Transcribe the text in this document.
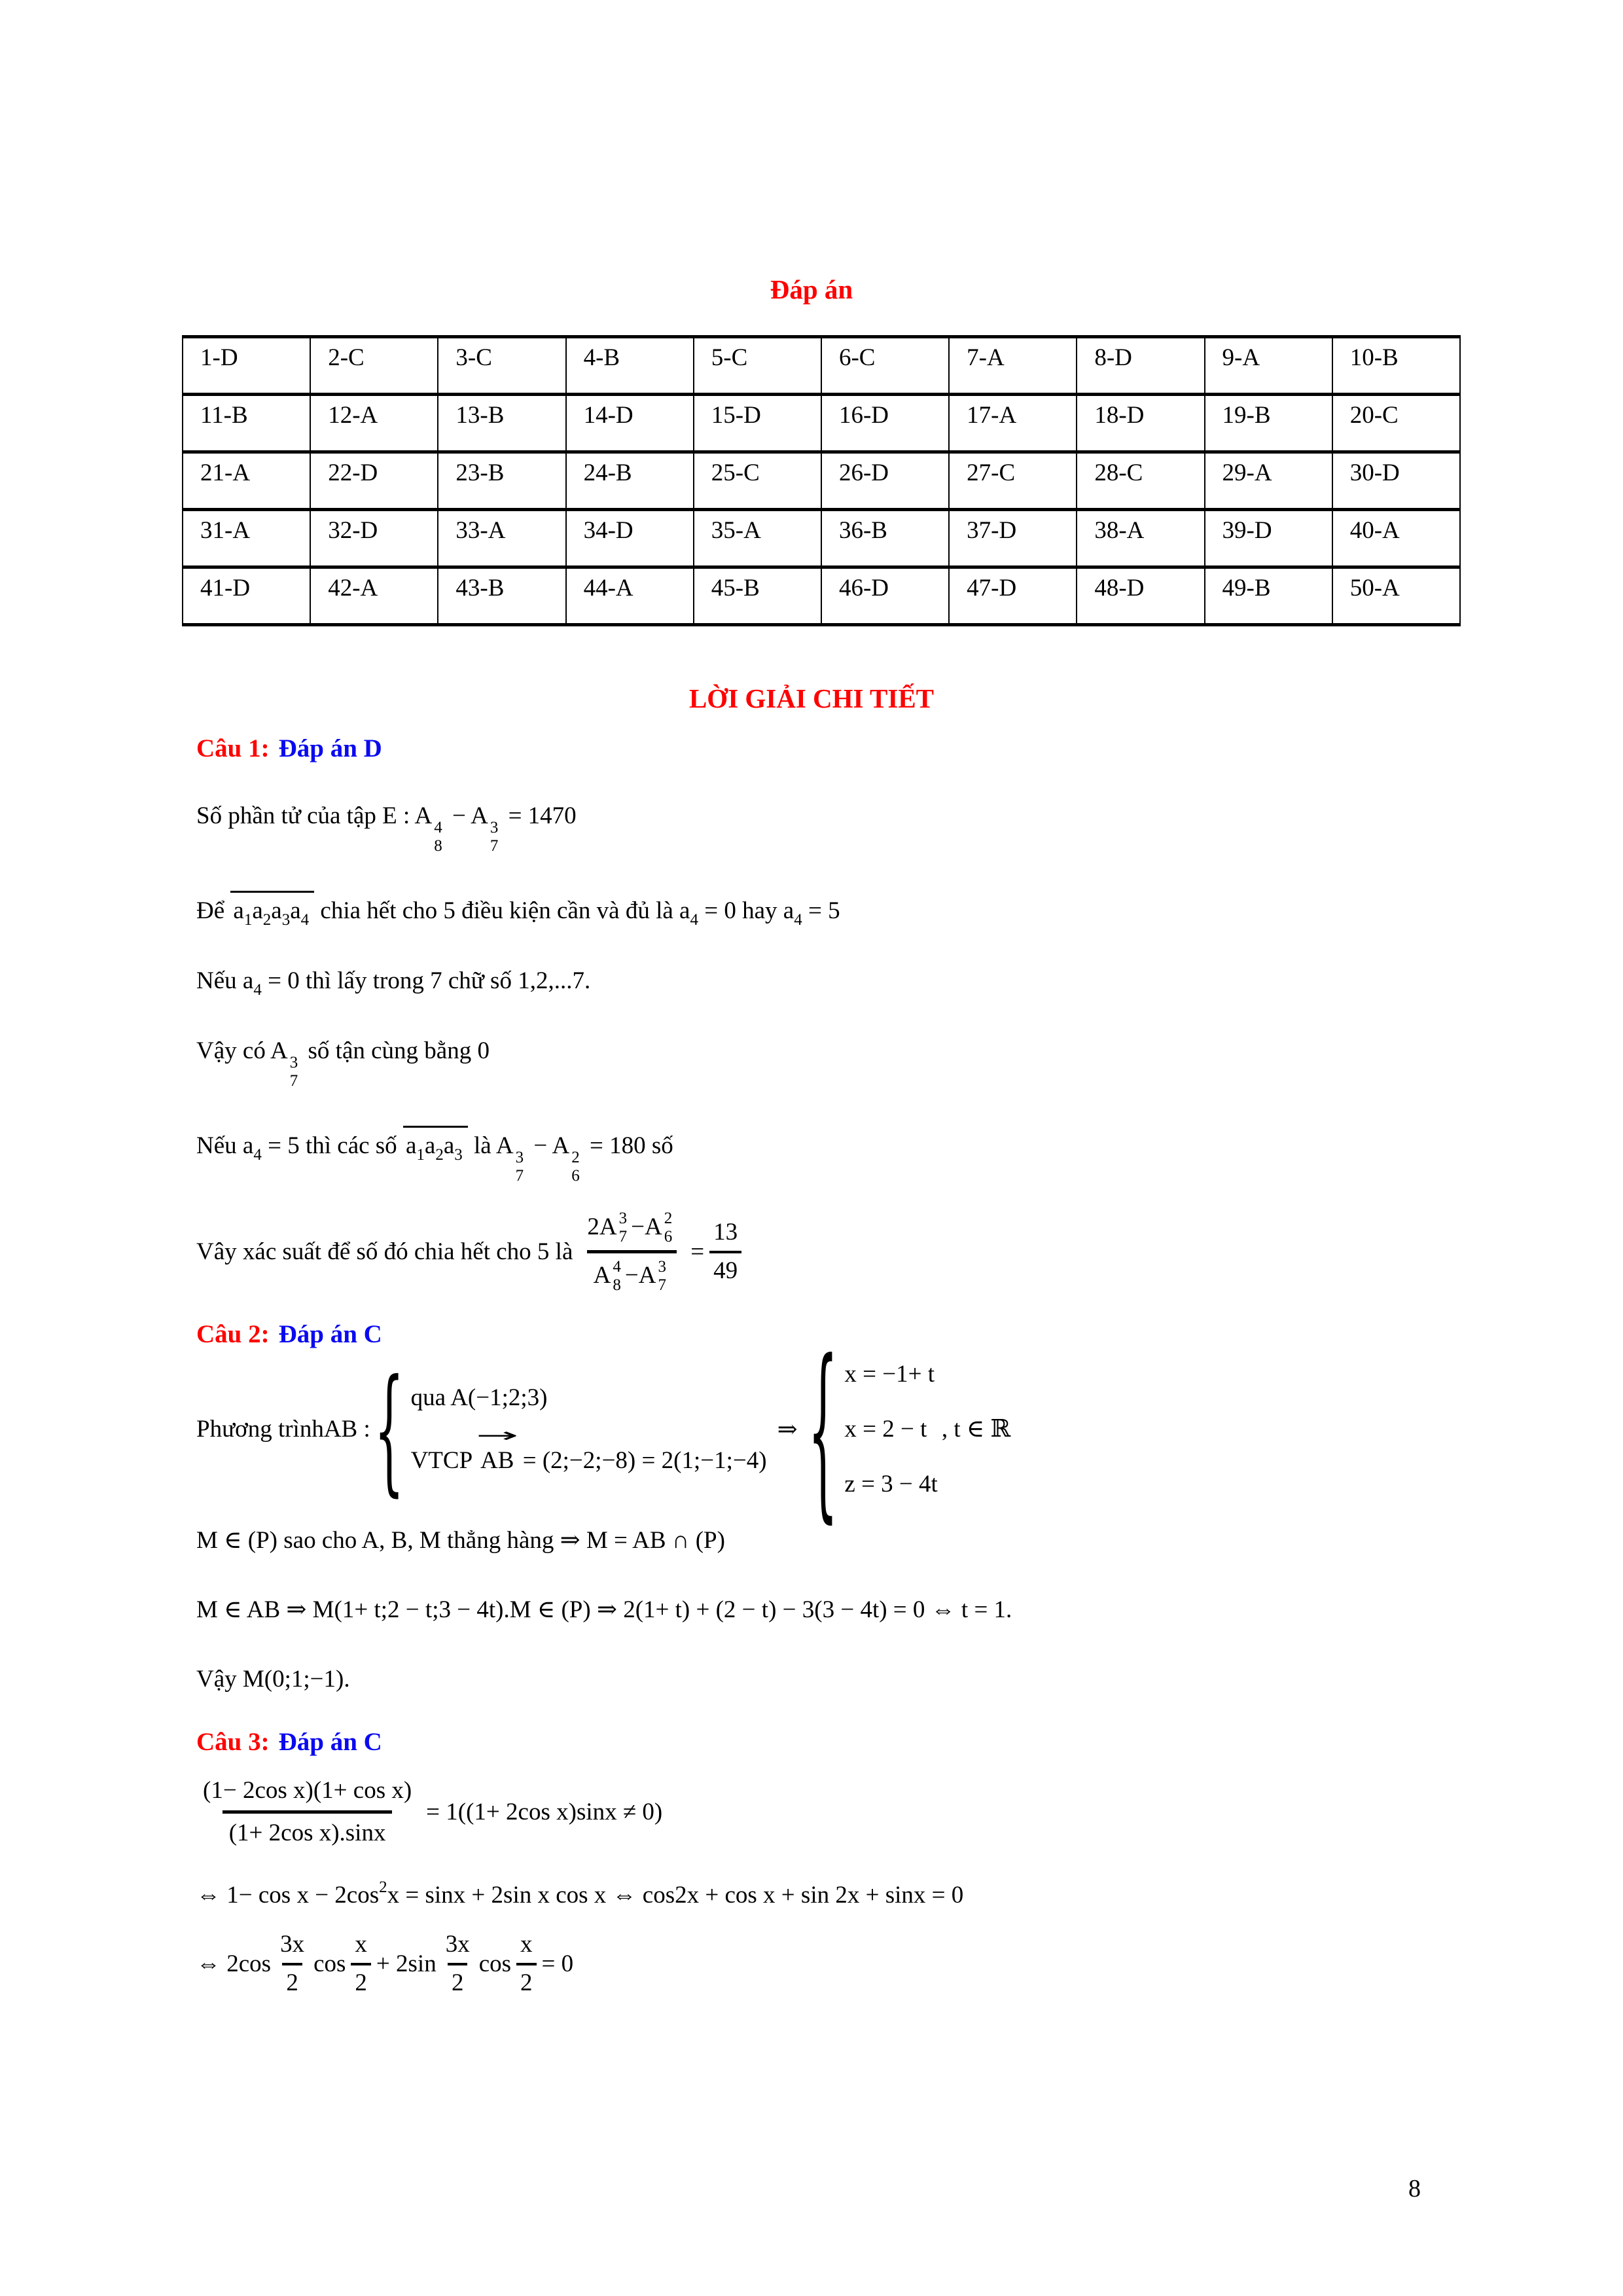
Đáp án
1-D	2-C	3-C	4-B	5-C	6-C	7-A	8-D	9-A	10-B
11-B	12-A	13-B	14-D	15-D	16-D	17-A	18-D	19-B	20-C
21-A	22-D	23-B	24-B	25-C	26-D	27-C	28-C	29-A	30-D
31-A	32-D	33-A	34-D	35-A	36-B	37-D	38-A	39-D	40-A
41-D	42-A	43-B	44-A	45-B	46-D	47-D	48-D	49-B	50-A
LỜI GIẢI CHI TIẾT
Câu 1: Đáp án D
Số phần tử của tập E : A 4
8
− A 3
7
= 1470
Để $a_1a_2a_3a_4$ chia hết cho 5 điều kiện cần và đủ là $a_4 = 0$ hay $a_4 = 5$
Nếu $a_4 = 0$ thì lấy trong 7 chữ số 1,2,...7.
Vậy có A 3
7
số tận cùng bằng 0
Nếu $a_4 = 5$ thì các số $a_1a_2a_3$ là A 3
7
− A 2
6
= 180 số
Vây xác suất để số đó chia hết cho 5 là 2A 3
7 − A 2
6
A 4
8 − A 3
$7 = \frac{13}{49}$
Câu 2: Đáp án C
Phương trình AB : { qua A(−1;2;3)
VTCP
→
AB = (2;−2;−8) = 2(1;−1;−4)
⇒ { x = −1+ t
x = 2 − t
z = 3 − 4t
, t ∈ ℝ
M ∈ (P) sao cho A, B, M thẳng hàng ⇒ M = AB ∩ (P)
M ∈ AB ⇒ M(1+ t;2 − t;3 − 4t).M ∈ (P) ⇒ 2(1+ t) + (2 − t) − 3(3 − 4t) = 0 ⇔ t = 1.
Vậy M(0;1;−1).
Câu 3: Đáp án C
$\frac{\text{(1− 2cos x)(1+ cos x)}}{\text{(1+ 2cos x).sinx}} = 1((1+ 2\cos$ x)sinx ≠ 0)
⇔ $1- \cos x - 2\cos^2x = \sin x + 2\sin$ x cos x ⇔ cos2x + cos x + sin 2x + sinx = 0
⇔ $2\cos \frac{3x}{2}$ $\cos \frac{x}{2} + 2\sin \frac{3x}{2}$ $\cos \frac{x}{2} = 0$
8
